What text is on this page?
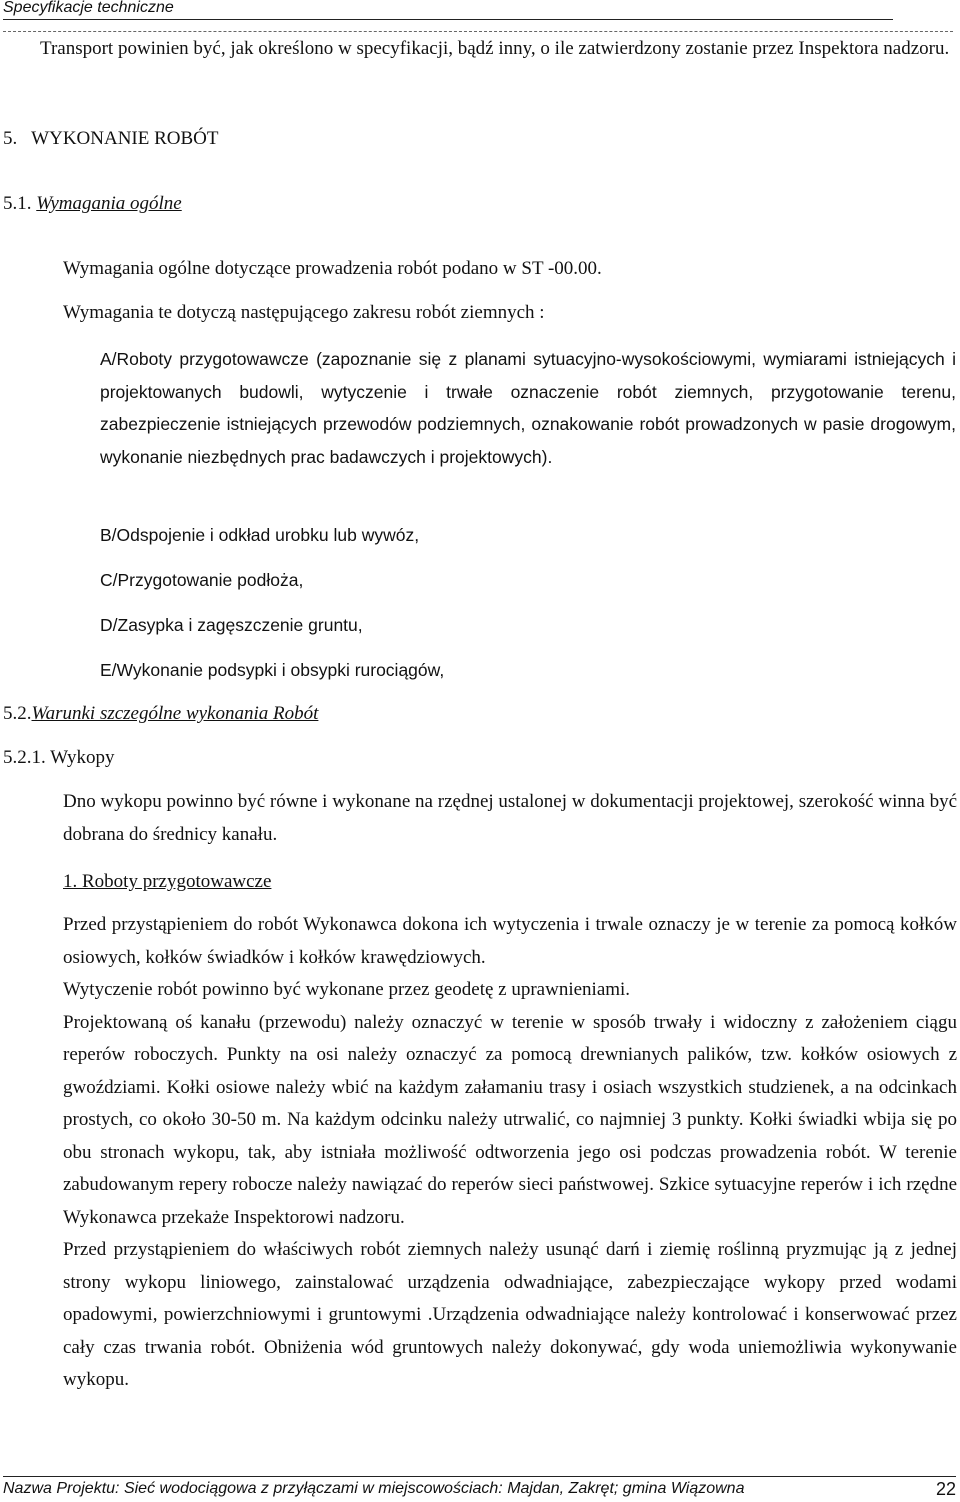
Specyfikacje techniczne
Transport powinien być, jak określono w specyfikacji, bądź inny, o ile zatwierdzony zostanie przez Inspektora nadzoru.
5. WYKONANIE ROBÓT
5.1. Wymagania ogólne
Wymagania ogólne dotyczące prowadzenia robót podano w ST -00.00.
Wymagania te dotyczą następującego zakresu robót ziemnych :
A/Roboty przygotowawcze (zapoznanie się z planami sytuacyjno-wysokościowymi, wymiarami istniejących i projektowanych budowli, wytyczenie i trwałe oznaczenie robót ziemnych, przygotowanie terenu, zabezpieczenie istniejących przewodów podziemnych, oznakowanie robót prowadzonych w pasie drogowym, wykonanie niezbędnych prac badawczych i projektowych).
B/Odspojenie i odkład urobku lub wywóz,
C/Przygotowanie podłoża,
D/Zasypka i zagęszczenie gruntu,
E/Wykonanie podsypki i obsypki rurociągów,
5.2.Warunki szczególne wykonania Robót
5.2.1. Wykopy
Dno wykopu powinno być równe i wykonane na rzędnej ustalonej w dokumentacji projektowej, szerokość winna być dobrana do średnicy kanału.
1. Roboty przygotowawcze

Przed przystąpieniem do robót Wykonawca dokona ich wytyczenia i trwale oznaczy je w terenie za pomocą kołków osiowych, kołków świadków i kołków krawędziowych.

Wytyczenie robót powinno być wykonane przez geodetę z uprawnieniami.

Projektowaną oś kanału (przewodu) należy oznaczyć w terenie w sposób trwały i widoczny z założeniem ciągu reperów roboczych. Punkty na osi należy oznaczyć za pomocą drewnianych palików, tzw. kołków osiowych z gwoździami. Kołki osiowe należy wbić na każdym załamaniu trasy i osiach wszystkich studzienek, a na odcinkach prostych, co około 30-50 m. Na każdym odcinku należy utrwalić, co najmniej 3 punkty. Kołki świadki wbija się po obu stronach wykopu, tak, aby istniała możliwość odtworzenia jego osi podczas prowadzenia robót. W terenie zabudowanym repery robocze należy nawiązać do reperów sieci państwowej. Szkice sytuacyjne reperów i ich rzędne Wykonawca przekaże Inspektorowi nadzoru.

Przed przystąpieniem do właściwych robót ziemnych należy usunąć darń i ziemię roślinną pryzmując ją z jednej strony wykopu liniowego, zainstalować urządzenia odwadniające, zabezpieczające wykopy przed wodami opadowymi, powierzchniowymi i gruntowymi .Urządzenia odwadniające należy kontrolować i konserwować przez cały czas trwania robót. Obniżenia wód gruntowych należy dokonywać, gdy woda uniemożliwia wykonywanie wykopu.

Nazwa Projektu: Sieć wodociągowa z przyłączami w miejscowościach: Majdan, Zakręt; gmina Wiązowna	22
